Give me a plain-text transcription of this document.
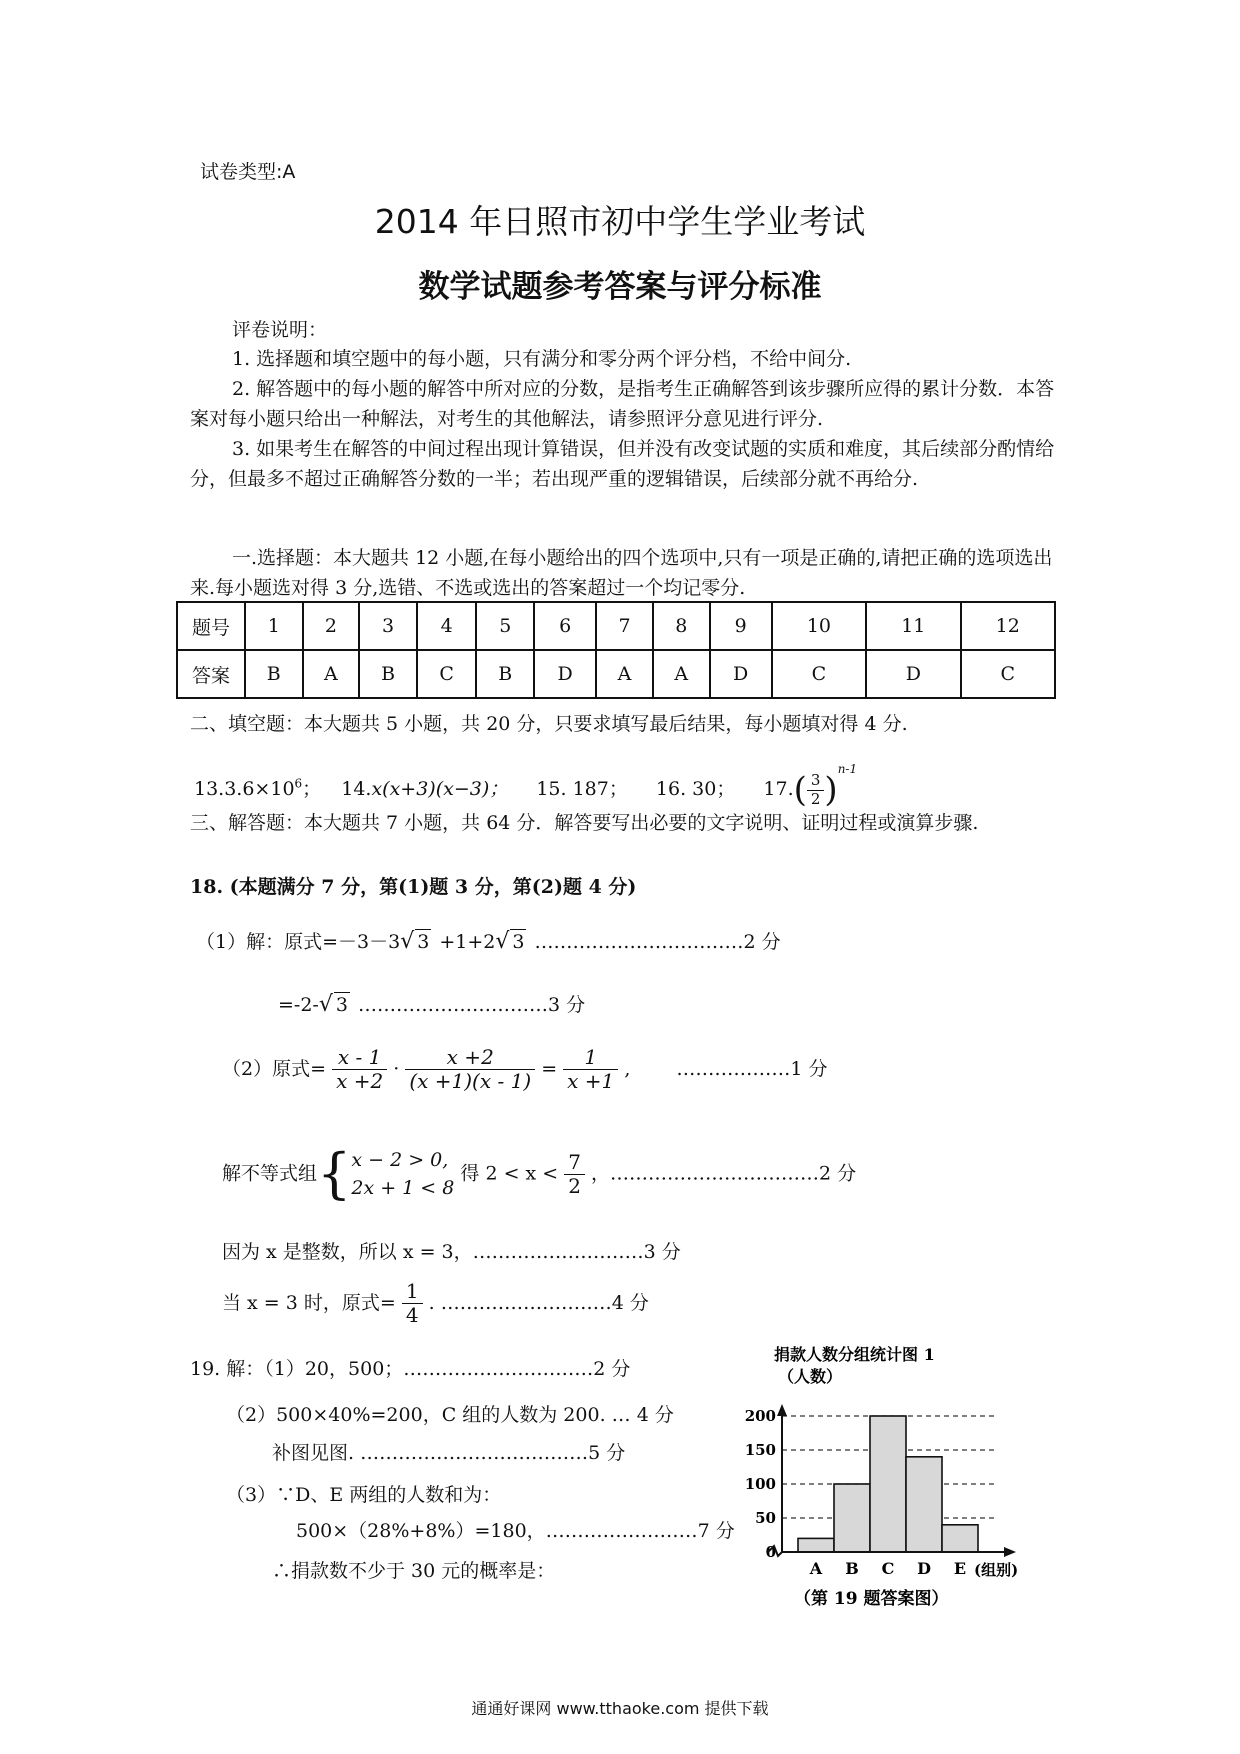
试卷类型:A
2014 年日照市初中学生学业考试
数学试题参考答案与评分标准
评卷说明：
1. 选择题和填空题中的每小题，只有满分和零分两个评分档，不给中间分.
2. 解答题中的每小题的解答中所对应的分数，是指考生正确解答到该步骤所应得的累计分数．本答案对每小题只给出一种解法，对考生的其他解法，请参照评分意见进行评分.
3. 如果考生在解答的中间过程出现计算错误，但并没有改变试题的实质和难度，其后续部分酌情给分，但最多不超过正确解答分数的一半；若出现严重的逻辑错误，后续部分就不再给分.
一.选择题：本大题共 12 小题,在每小题给出的四个选项中,只有一项是正确的,请把正确的选项选出来.每小题选对得 3 分,选错、不选或选出的答案超过一个均记零分.
题号	1	2	3	4	5	6	7	8	9	10	11	12
答案	B	A	B	C	B	D	A	A	D	C	D	C
二、填空题：本大题共 5 小题，共 20 分，只要求填写最后结果，每小题填对得 4 分.
$13.3.6\times 10^6$； 14.x(x+3)(x−3)； 15. 187； 16. 30； $17.( \frac{3}{2} )^{n-1}$
三、解答题：本大题共 7 小题，共 64 分．解答要写出必要的文字说明、证明过程或演算步骤.
18. (本题满分 7 分，第(1)题 3 分，第(2)题 4 分)
（1）解：原式=－3－3√ 3 +1+2√ 3 ……………………………2 分
=-2-√ 3 …………………………3 分
（2）原式= $\frac{x - 1}{x +2} \cdot \frac{x +2}{(x +1)(x - 1)} = \frac{1}{x +1}$ , ………………1 分
解不等式组{ x − 2 > 0,
2x + 1 < 8
得 $2 < x < \frac{7}{2}$ ，……………………………2 分
因为 x 是整数，所以 x = 3，………………………3 分
当 x = 3 时，原式= $\frac{1}{4}$ . ………………………4 分
19. 解：（1）20，500；…………………………2 分
（2）500×40%=200，C 组的人数为 200. … 4 分
补图见图. ………………………………5 分
（3）∵D、E 两组的人数和为：
500×（28%+8%）=180，……………………7 分
∴捐款数不少于 30 元的概率是：
捐款人数分组统计图 1
（人数）
0
50
100
150
200
A B C D E (组别)
（第 19 题答案图）
通通好课网 www.tthaoke.com 提供下载
